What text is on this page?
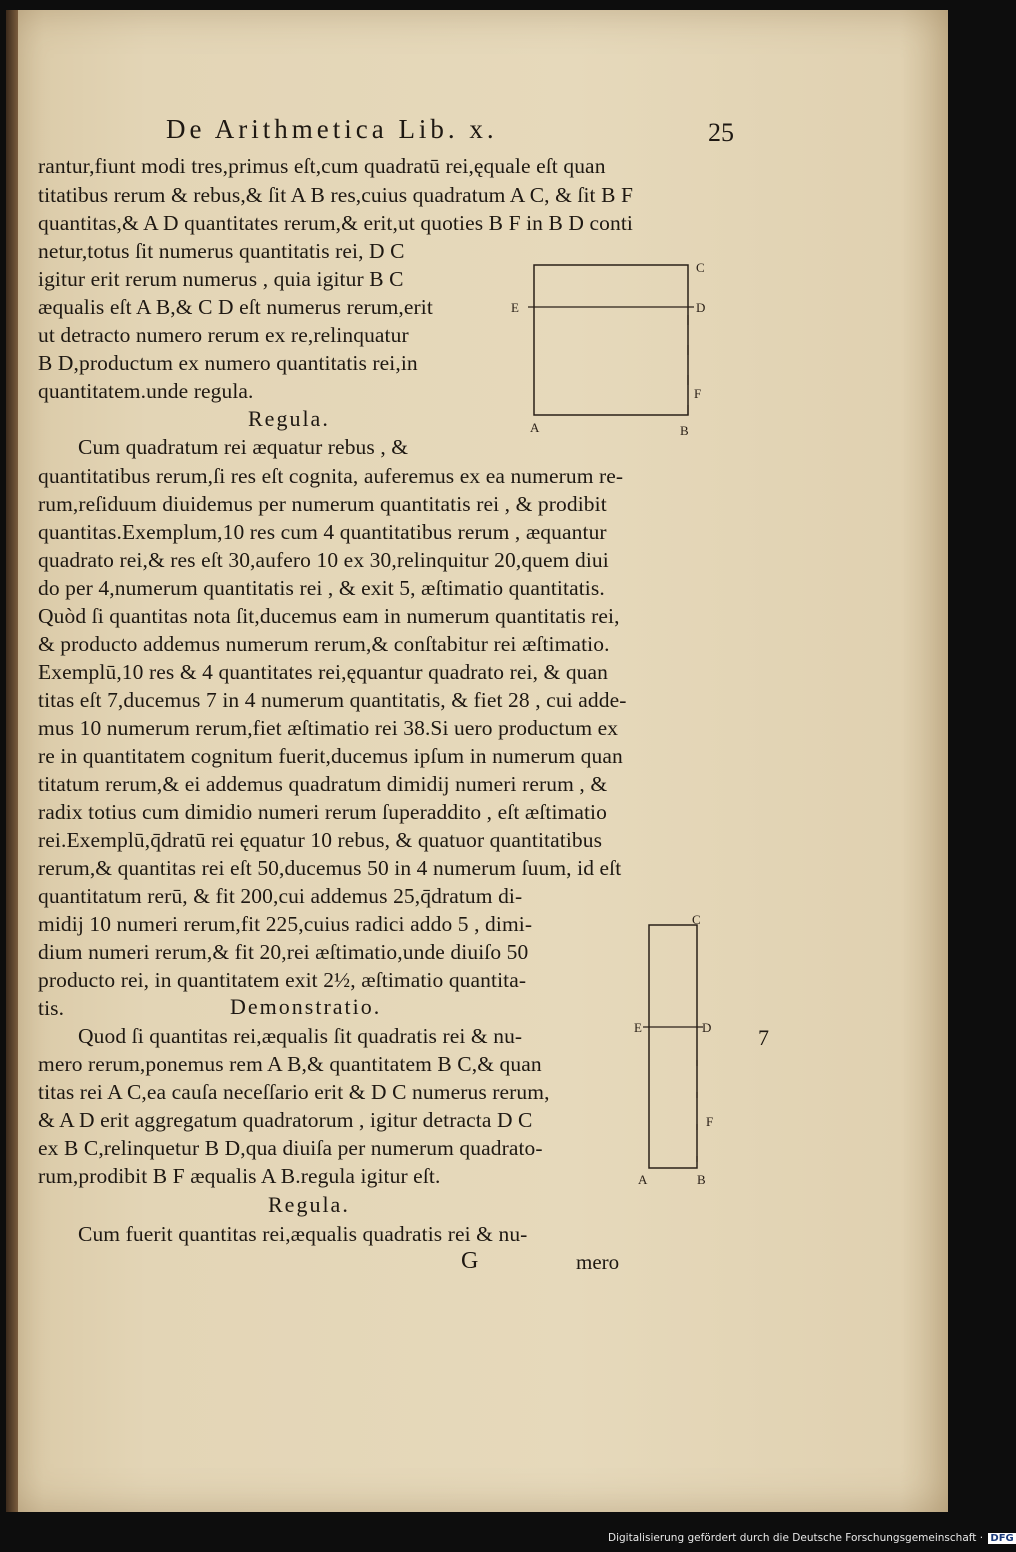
De Arithmetica Lib. x.	25
rantur,fiunt modi tres,primus eſt,cum quadratū rei,ęquale eſt quan
titatibus rerum & rebus,& ſit A B res,cuius quadratum A C, & ſit B F
quantitas,& A D quantitates rerum,& erit,ut quoties B F in B D conti
netur,totus ſit numerus quantitatis rei, D C
igitur erit rerum numerus , quia igitur B C
æqualis eſt A B,& C D eſt numerus rerum,erit
ut detracto numero rerum ex re,relinquatur
B D,productum ex numero quantitatis rei,in
quantitatem.unde regula.
Regula.
C
D
E
F
A	B
Cum quadratum rei æquatur rebus , &
quantitatibus rerum,ſi res eſt cognita, auferemus ex ea numerum re-
rum,reſiduum diuidemus per numerum quantitatis rei , & prodibit
quantitas.Exemplum,10 res cum 4 quantitatibus rerum , æquantur
quadrato rei,& res eſt 30,aufero 10 ex 30,relinquitur 20,quem diui
do per 4,numerum quantitatis rei , & exit 5, æſtimatio quantitatis.
Quòd ſi quantitas nota ſit,ducemus eam in numerum quantitatis rei,
& producto addemus numerum rerum,& conſtabitur rei æſtimatio.
Exemplū,10 res & 4 quantitates rei,ęquantur quadrato rei, & quan
titas eſt 7,ducemus 7 in 4 numerum quantitatis, & fiet 28 , cui adde-
mus 10 numerum rerum,fiet æſtimatio rei 38.Si uero productum ex
re in quantitatem cognitum fuerit,ducemus ipſum in numerum quan
titatum rerum,& ei addemus quadratum dimidij numeri rerum , &
radix totius cum dimidio numeri rerum ſuperaddito , eſt æſtimatio
rei.Exemplū,q̄dratū rei ęquatur 10 rebus, & quatuor quantitatibus
rerum,& quantitas rei eſt 50,ducemus 50 in 4 numerum ſuum, id eſt
quantitatum rerū, & fit 200,cui addemus 25,q̄dratum di-
midij 10 numeri rerum,fit 225,cuius radici addo 5 , dimi-
dium numeri rerum,& fit 20,rei æſtimatio,unde diuiſo 50
producto rei, in quantitatem exit 2½, æſtimatio quantita-
tis.	Demonstratio.
C
D
E
F
A	B
7
Quod ſi quantitas rei,æqualis ſit quadratis rei & nu-
mero rerum,ponemus rem A B,& quantitatem B C,& quan
titas rei A C,ea cauſa neceſſario erit & D C numerus rerum,
& A D erit aggregatum quadratorum , igitur detracta D C
ex B C,relinquetur B D,qua diuiſa per numerum quadrato-
rum,prodibit B F æqualis A B.regula igitur eſt.
Regula.
Cum fuerit quantitas rei,æqualis quadratis rei & nu-
G	mero
Digitalisierung gefördert durch die Deutsche Forschungsgemeinschaft · DFG
